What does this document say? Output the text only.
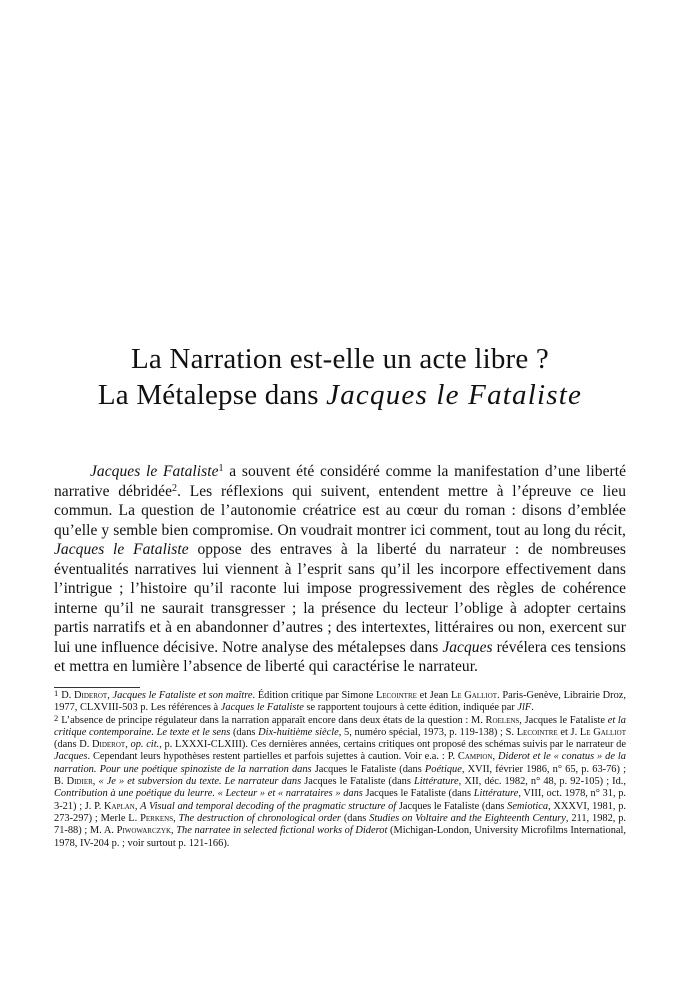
La Narration est-elle un acte libre ?
La Métalepse dans Jacques le Fataliste

Jacques le Fataliste$^1$ a souvent été considéré comme la manifestation d’une liberté narrative débridée$^2$. Les réflexions qui suivent, entendent mettre à l’épreuve ce lieu commun. La question de l’autonomie créatrice est au cœur du roman : disons d’emblée qu’elle y semble bien compromise. On voudrait montrer ici comment, tout au long du récit, Jacques le Fataliste oppose des entraves à la liberté du narrateur : de nombreuses éventualités narratives lui viennent à l’esprit sans qu’il les incorpore effectivement dans l’intrigue ; l’histoire qu’il raconte lui impose progressivement des règles de cohérence interne qu’il ne saurait transgresser ; la présence du lecteur l’oblige à adopter certains partis narratifs et à en abandonner d’autres ; des intertextes, littéraires ou non, exercent sur lui une influence décisive. Notre analyse des métalepses dans Jacques révélera ces tensions et mettra en lumière l’absence de liberté qui caractérise le narrateur.

$^1$ D. Diderot, Jacques le Fataliste et son maître. Édition critique par Simone Lecointre et Jean Le Galliot. Paris-Genève, Librairie Droz, 1977, CLXVIII-503 p. Les références à Jacques le Fataliste se rapportent toujours à cette édition, indiquée par JlF.

$^2$ L’absence de principe régulateur dans la narration apparaît encore dans deux états de la question : M. Roelens, Jacques le Fataliste et la critique contemporaine. Le texte et le sens (dans Dix-huitième siècle, 5, numéro spécial, 1973, p. 119-138) ; S. Lecointre et J. Le Galliot (dans D. Diderot, op. cit., p. LXXXI-CLXIII). Ces dernières années, certains critiques ont proposé des schémas suivis par le narrateur de Jacques. Cependant leurs hypothèses restent partielles et parfois sujettes à caution. Voir e.a. : P. Campion, Diderot et le « conatus » de la narration. Pour une poétique spinoziste de la narration dans Jacques le Fataliste (dans Poétique, XVII, février 1986, n° 65, p. 63-76) ; B. Didier, « Je » et subversion du texte. Le narrateur dans Jacques le Fataliste (dans Littérature, XII, déc. 1982, n° 48, p. 92-105) ; Id., Contribution à une poétique du leurre. « Lecteur » et « narrataires » dans Jacques le Fataliste (dans Littérature, VIII, oct. 1978, n° 31, p. 3-21) ; J. P. Kaplan, A Visual and temporal decoding of the pragmatic structure of Jacques le Fataliste (dans Semiotica, XXXVI, 1981, p. 273-297) ; Merle L. Perkens, The destruction of chronological order (dans Studies on Voltaire and the Eighteenth Century, 211, 1982, p. 71-88) ; M. A. Piwowarczyk, The narratee in selected fictional works of Diderot (Michigan-London, University Microfilms International, 1978, IV-204 p. ; voir surtout p. 121-166).
